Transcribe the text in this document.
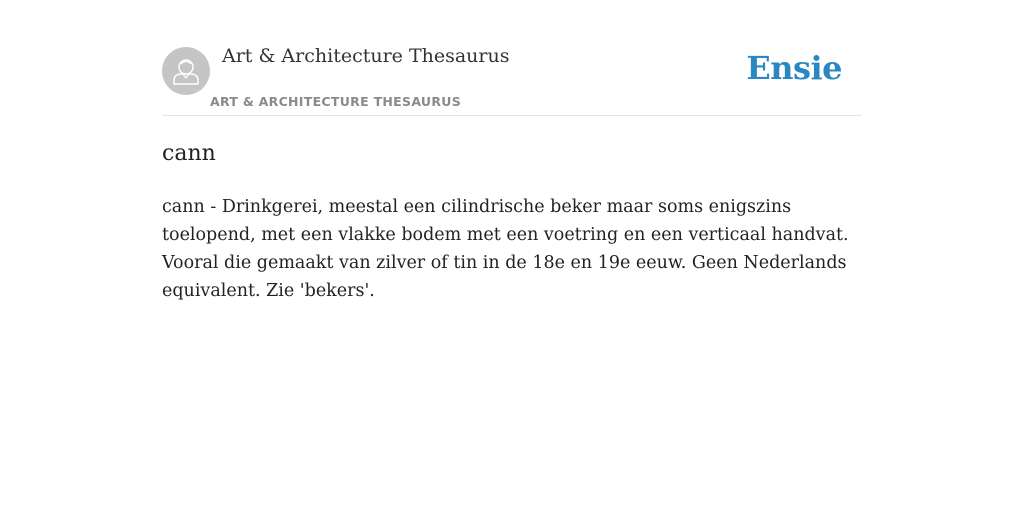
Art & Architecture Thesaurus
ART & ARCHITECTURE THESAURUS
Ensie
cann

cann - Drinkgerei, meestal een cilindrische beker maar soms enigszins toelopend, met een vlakke bodem met een voetring en een verticaal handvat. Vooral die gemaakt van zilver of tin in de 18e en 19e eeuw. Geen Nederlands equivalent. Zie 'bekers'.
